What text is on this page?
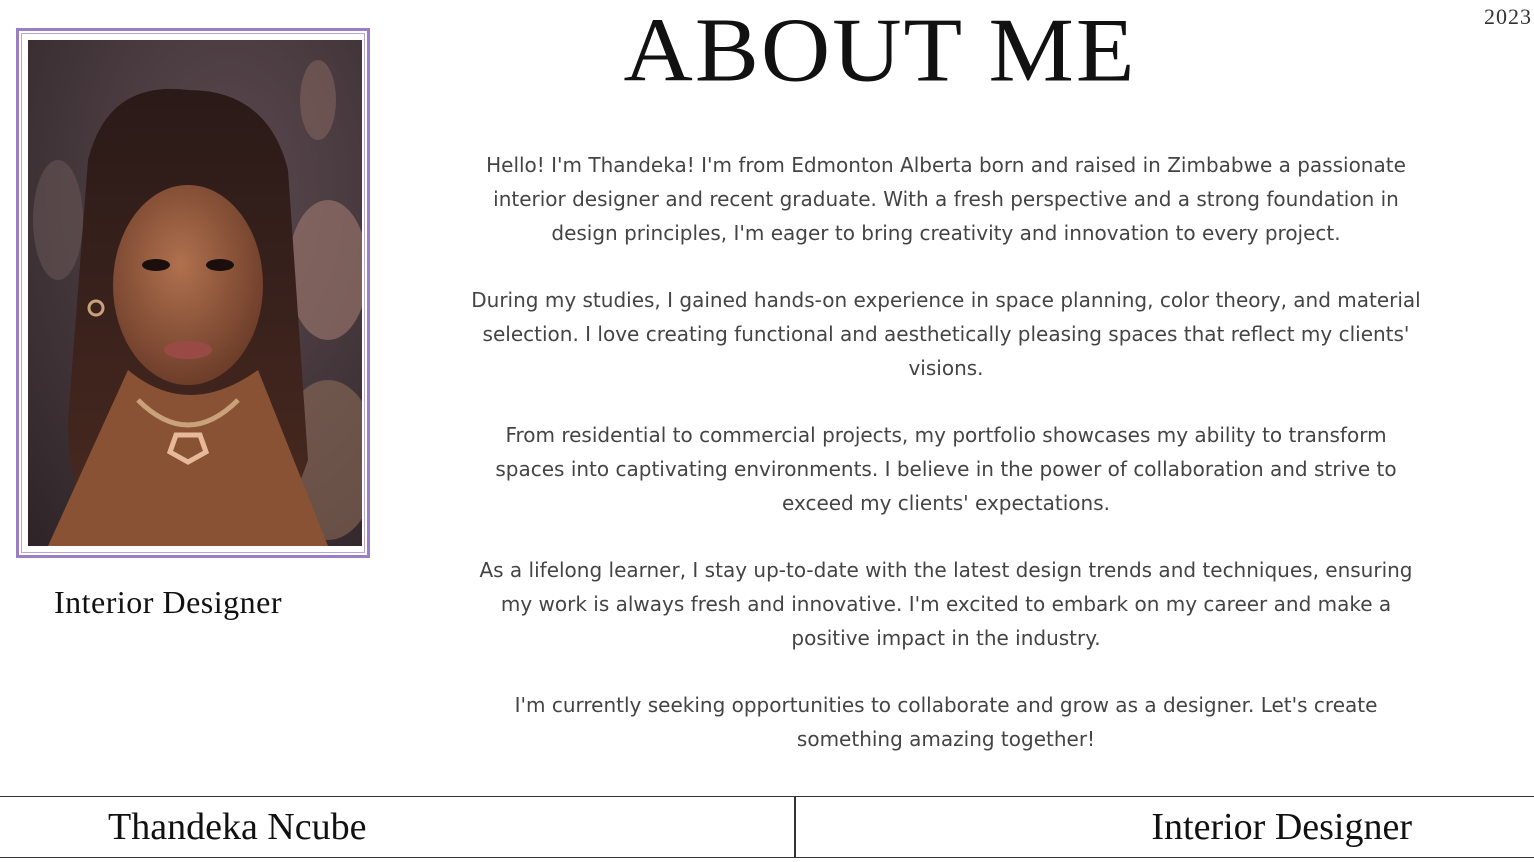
2023
ABOUT ME
Interior Designer

Hello! I'm Thandeka! I'm from Edmonton Alberta born and raised in Zimbabwe a passionate interior designer and recent graduate. With a fresh perspective and a strong foundation in design principles, I'm eager to bring creativity and innovation to every project.

During my studies, I gained hands-on experience in space planning, color theory, and material selection. I love creating functional and aesthetically pleasing spaces that reflect my clients' visions.

From residential to commercial projects, my portfolio showcases my ability to transform spaces into captivating environments. I believe in the power of collaboration and strive to exceed my clients' expectations.

As a lifelong learner, I stay up-to-date with the latest design trends and techniques, ensuring my work is always fresh and innovative. I'm excited to embark on my career and make a positive impact in the industry.

I'm currently seeking opportunities to collaborate and grow as a designer. Let's create something amazing together!

Thandeka Ncube	Interior Designer
